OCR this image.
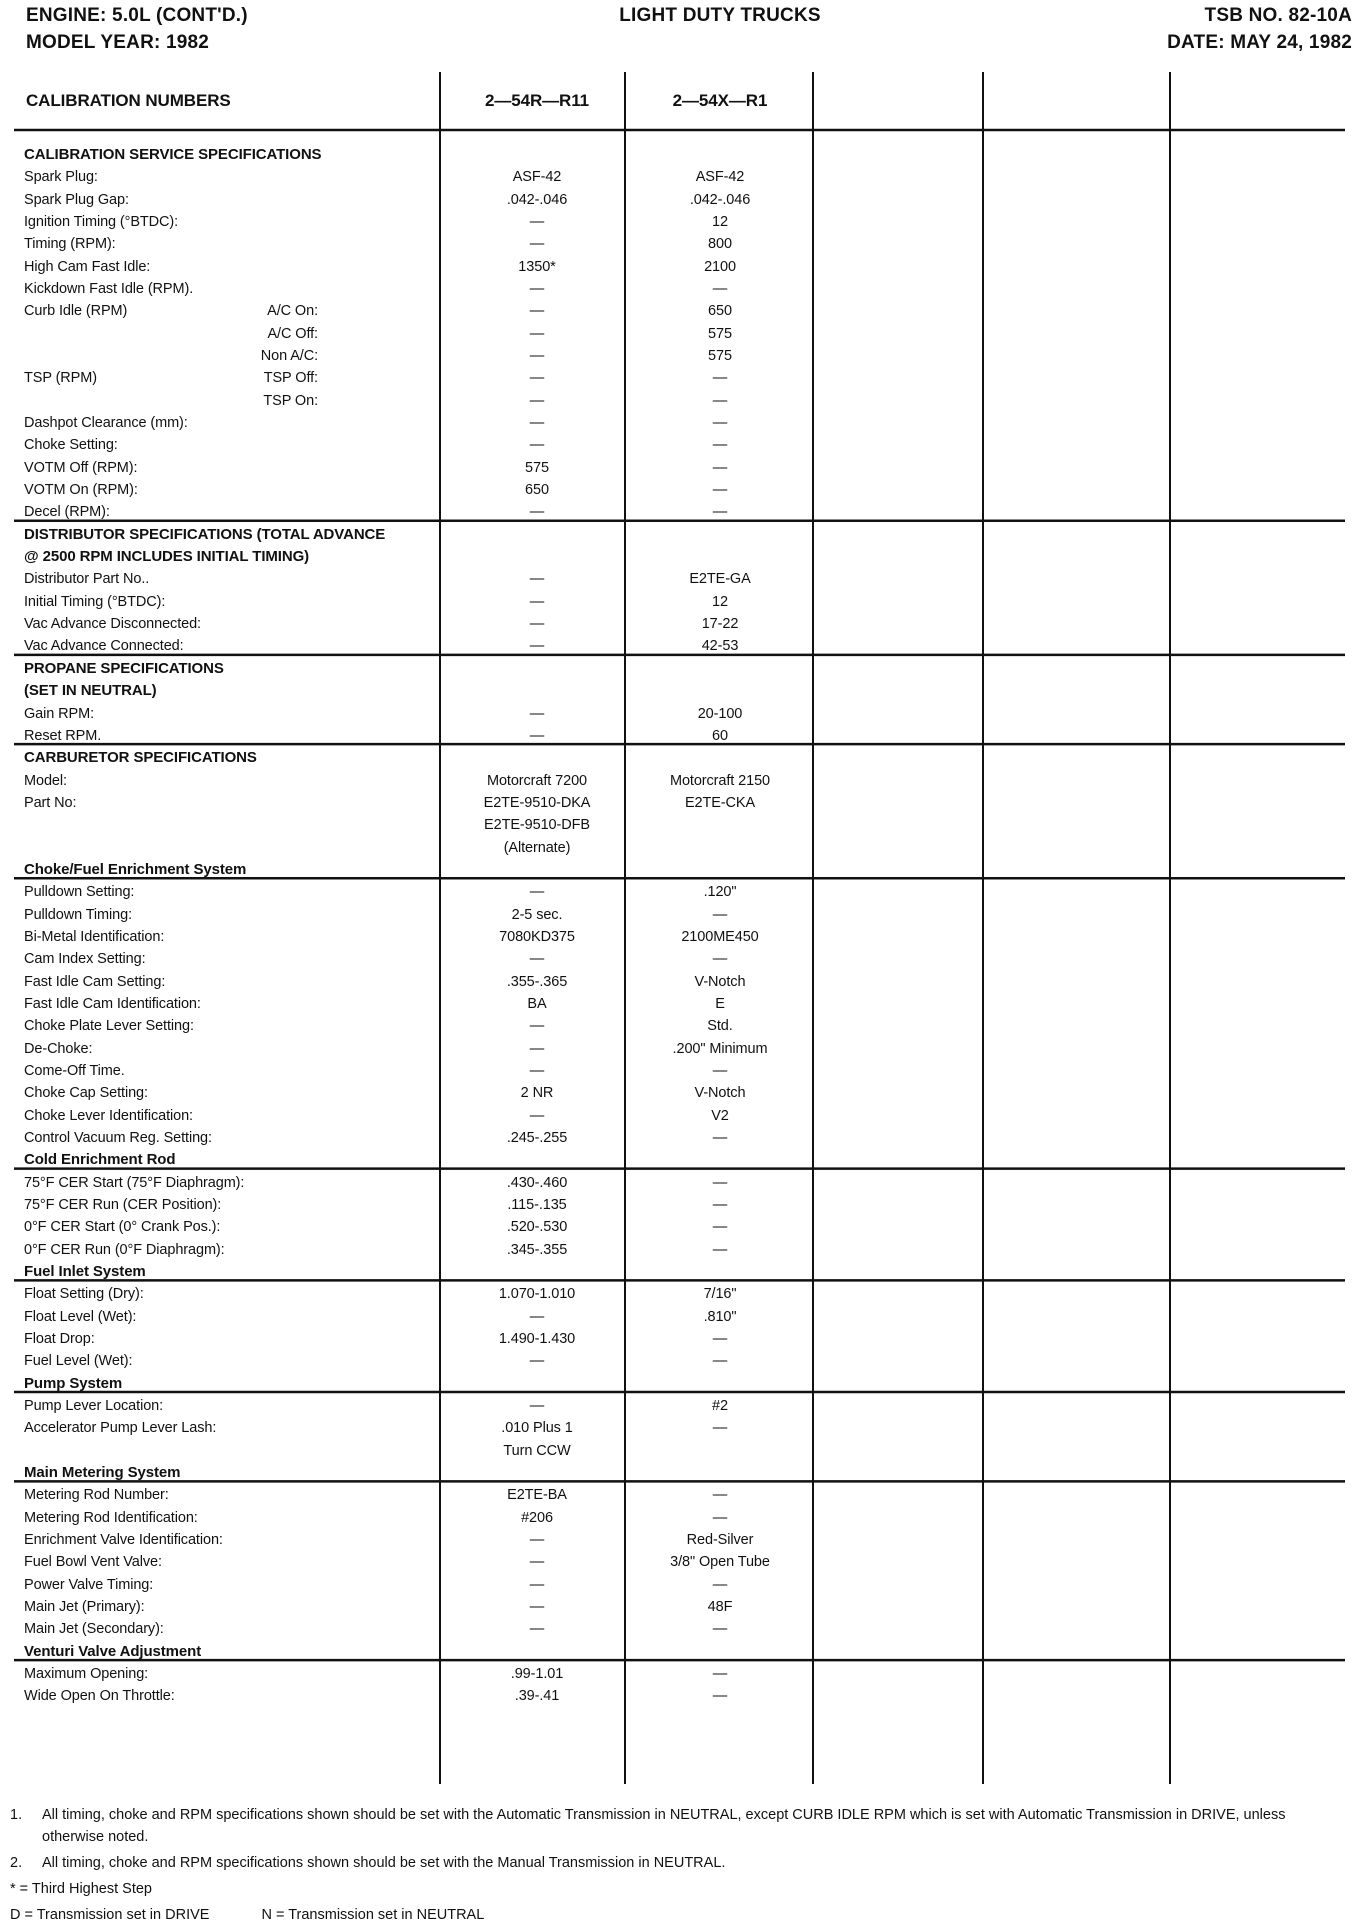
ENGINE: 5.0L (CONT'D.)
MODEL YEAR: 1982
LIGHT DUTY TRUCKS	TSB NO. 82-10A
DATE: MAY 24, 1982
CALIBRATION NUMBERS	2—54R—R11	2—54X—R1
CALIBRATION SERVICE SPECIFICATIONS
Spark Plug:	ASF-42	ASF-42
Spark Plug Gap:	.042-.046	.042-.046
Ignition Timing (°BTDC):	—	12
Timing (RPM):	—	800
High Cam Fast Idle:	1350*	2100
Kickdown Fast Idle (RPM).	—	—
Curb Idle (RPM)	A/C On:	—	650
A/C Off:	—	575
Non A/C:	—	575
TSP (RPM)	TSP Off:	—	—
TSP On:	—	—
Dashpot Clearance (mm):	—	—
Choke Setting:	—	—
VOTM Off (RPM):	575	—
VOTM On (RPM):	650	—
Decel (RPM):	—	—
DISTRIBUTOR SPECIFICATIONS (TOTAL ADVANCE
@ 2500 RPM INCLUDES INITIAL TIMING)
Distributor Part No..	—	E2TE-GA
Initial Timing (°BTDC):	—	12
Vac Advance Disconnected:	—	17-22
Vac Advance Connected:	—	42-53
PROPANE SPECIFICATIONS
(SET IN NEUTRAL)
Gain RPM:	—	20-100
Reset RPM.	—	60
CARBURETOR SPECIFICATIONS
Model:	Motorcraft 7200	Motorcraft 2150
Part No:	E2TE-9510-DKA	E2TE-CKA
E2TE-9510-DFB
(Alternate)
Choke/Fuel Enrichment System
Pulldown Setting:	—	.120"
Pulldown Timing:	2-5 sec.	—
Bi-Metal Identification:	7080KD375	2100ME450
Cam Index Setting:	—	—
Fast Idle Cam Setting:	.355-.365	V-Notch
Fast Idle Cam Identification:	BA	E
Choke Plate Lever Setting:	—	Std.
De-Choke:	—	.200" Minimum
Come-Off Time.	—	—
Choke Cap Setting:	2 NR	V-Notch
Choke Lever Identification:	—	V2
Control Vacuum Reg. Setting:	.245-.255	—
Cold Enrichment Rod
75°F CER Start (75°F Diaphragm):	.430-.460	—
75°F CER Run (CER Position):	.115-.135	—
0°F CER Start (0° Crank Pos.):	.520-.530	—
0°F CER Run (0°F Diaphragm):	.345-.355	—
Fuel Inlet System
Float Setting (Dry):	1.070-1.010	7/16"
Float Level (Wet):	—	.810"
Float Drop:	1.490-1.430	—
Fuel Level (Wet):	—	—
Pump System
Pump Lever Location:	—	#2
Accelerator Pump Lever Lash:	.010 Plus 1	—
Turn CCW
Main Metering System
Metering Rod Number:	E2TE-BA	—
Metering Rod Identification:	#206	—
Enrichment Valve Identification:	—	Red-Silver
Fuel Bowl Vent Valve:	—	3/8" Open Tube
Power Valve Timing:	—	—
Main Jet (Primary):	—	48F
Main Jet (Secondary):	—	—
Venturi Valve Adjustment
Maximum Opening:	.99-1.01	—
Wide Open On Throttle:	.39-.41	—
1. All timing, choke and RPM specifications shown should be set with the Automatic Transmission in NEUTRAL, except CURB IDLE RPM which is set with Automatic Transmission in DRIVE, unless otherwise noted.
2. All timing, choke and RPM specifications shown should be set with the Manual Transmission in NEUTRAL.
* = Third Highest Step
D = Transmission set in DRIVE	N = Transmission set in NEUTRAL
